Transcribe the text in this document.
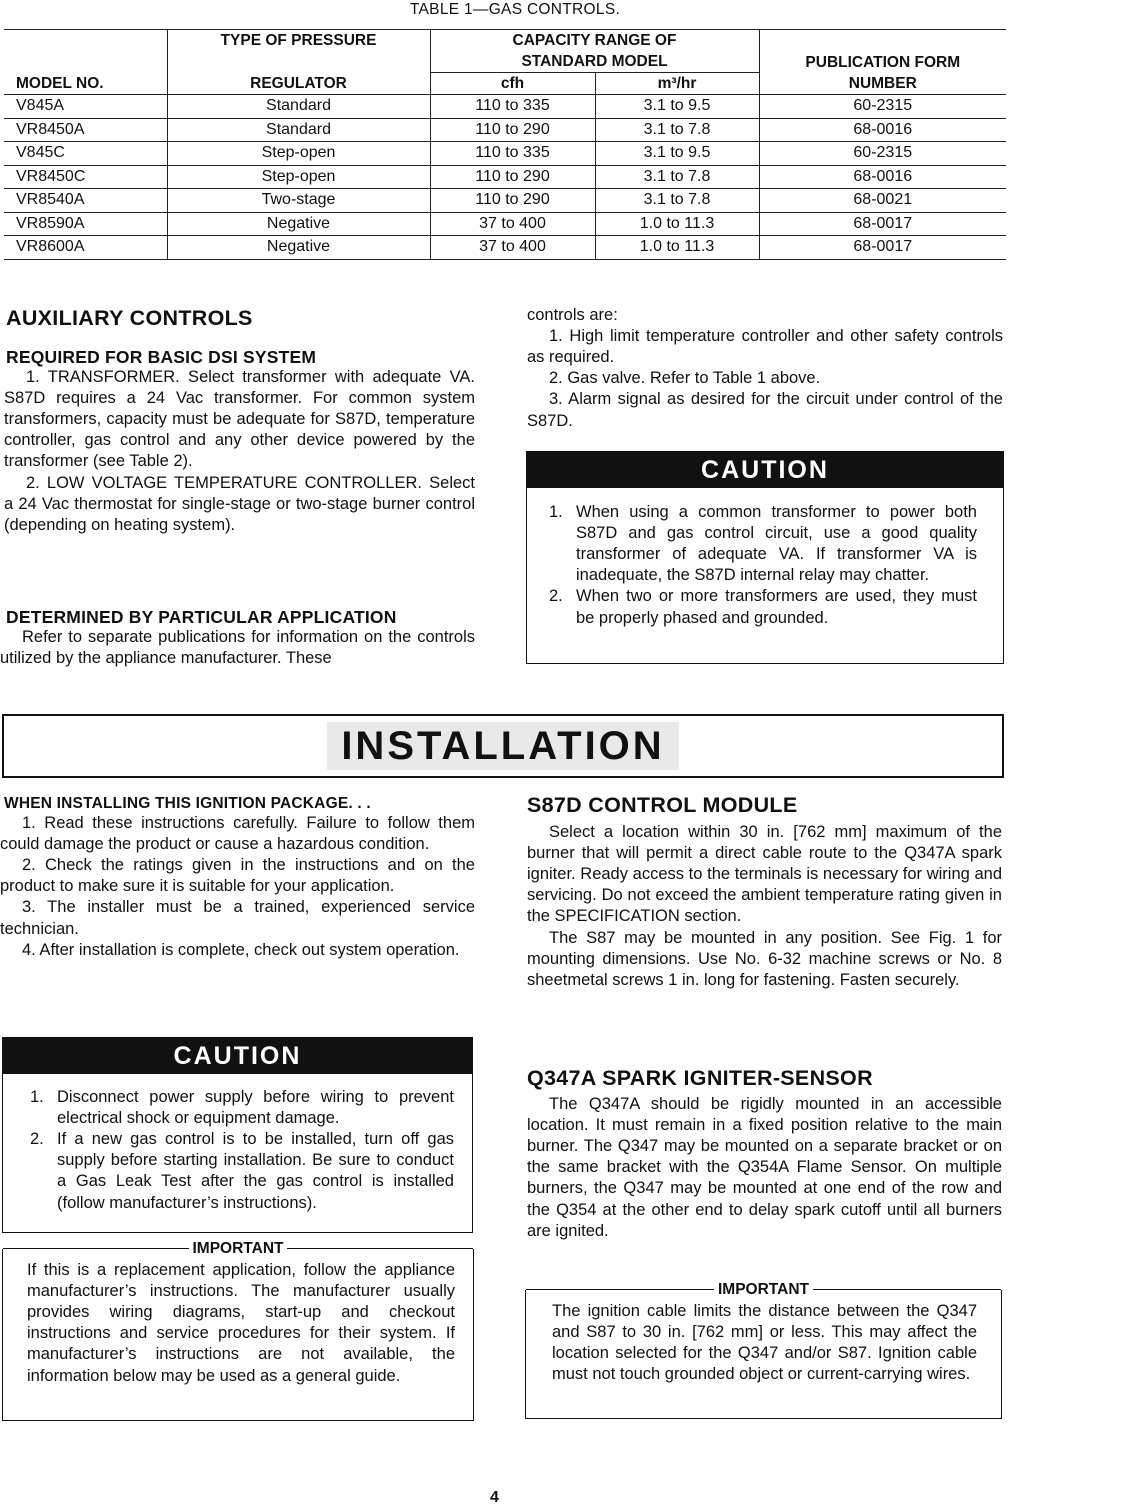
TABLE 1—GAS CONTROLS.
	TYPE OF PRESSURE	CAPACITY RANGE OF		
		STANDARD MODEL		PUBLICATION FORM
MODEL NO.	REGULATOR	cfh	m³/hr	NUMBER
V845A	Standard	110 to 335	3.1 to 9.5	60-2315
VR8450A	Standard	110 to 290	3.1 to 7.8	68-0016
V845C	Step-open	110 to 335	3.1 to 9.5	60-2315
VR8450C	Step-open	110 to 290	3.1 to 7.8	68-0016
VR8540A	Two-stage	110 to 290	3.1 to 7.8	68-0021
VR8590A	Negative	37 to 400	1.0 to 11.3	68-0017
VR8600A	Negative	37 to 400	1.0 to 11.3	68-0017
AUXILIARY CONTROLS
REQUIRED FOR BASIC DSI SYSTEM

1. TRANSFORMER. Select transformer with adequate VA. S87D requires a 24 Vac transformer. For common system transformers, capacity must be adequate for S87D, temperature controller, gas control and any other device powered by the transformer (see Table 2).

2. LOW VOLTAGE TEMPERATURE CONTROLLER. Select a 24 Vac thermostat for single-stage or two-stage burner control (depending on heating system).

DETERMINED BY PARTICULAR APPLICATION

Refer to separate publications for information on the controls utilized by the appliance manufacturer. These

controls are:

1. High limit temperature controller and other safety controls as required.

2. Gas valve. Refer to Table 1 above.

3. Alarm signal as desired for the circuit under control of the S87D.

CAUTION
1. When using a common transformer to power both S87D and gas control circuit, use a good quality transformer of adequate VA. If transformer VA is inadequate, the S87D internal relay may chatter.
2. When two or more transformers are used, they must be properly phased and grounded.
INSTALLATION
WHEN INSTALLING THIS IGNITION PACKAGE. . .

1. Read these instructions carefully. Failure to follow them could damage the product or cause a hazardous condition.

2. Check the ratings given in the instructions and on the product to make sure it is suitable for your application.

3. The installer must be a trained, experienced service technician.

4. After installation is complete, check out system operation.

CAUTION
1. Disconnect power supply before wiring to prevent electrical shock or equipment damage.
2. If a new gas control is to be installed, turn off gas supply before starting installation. Be sure to conduct a Gas Leak Test after the gas control is installed (follow manufacturer’s instructions).
IMPORTANT

If this is a replacement application, follow the appliance manufacturer’s instructions. The manufacturer usually provides wiring diagrams, start-up and checkout instructions and service procedures for their system. If manufacturer’s instructions are not available, the information below may be used as a general guide.

S87D CONTROL MODULE

Select a location within 30 in. [762 mm] maximum of the burner that will permit a direct cable route to the Q347A spark igniter. Ready access to the terminals is necessary for wiring and servicing. Do not exceed the ambient temperature rating given in the SPECIFICATION section.

The S87 may be mounted in any position. See Fig. 1 for mounting dimensions. Use No. 6-32 machine screws or No. 8 sheetmetal screws 1 in. long for fastening. Fasten securely.

Q347A SPARK IGNITER-SENSOR

The Q347A should be rigidly mounted in an accessible location. It must remain in a fixed position relative to the main burner. The Q347 may be mounted on a separate bracket or on the same bracket with the Q354A Flame Sensor. On multiple burners, the Q347 may be mounted at one end of the row and the Q354 at the other end to delay spark cutoff until all burners are ignited.

IMPORTANT

The ignition cable limits the distance between the Q347 and S87 to 30 in. [762 mm] or less. This may affect the location selected for the Q347 and/or S87. Ignition cable must not touch grounded object or current-carrying wires.

4
